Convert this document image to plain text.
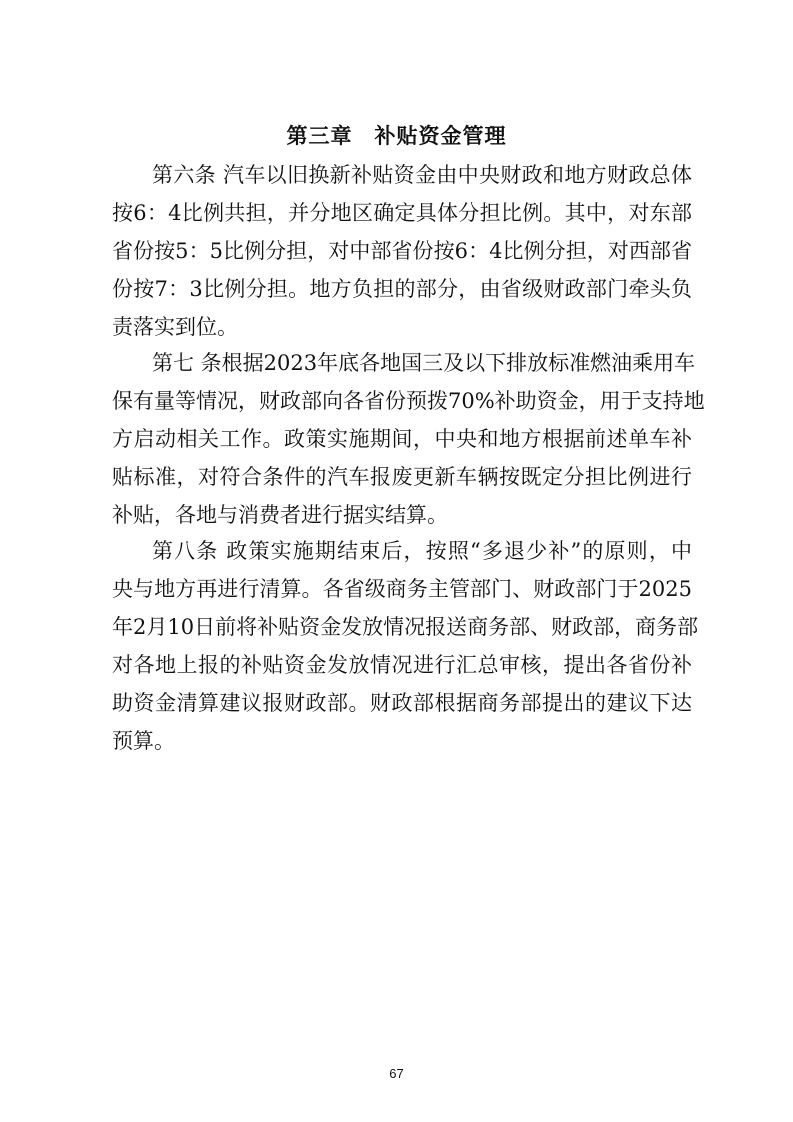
第三章　补贴资金管理
第六条 汽车以旧换新补贴资金由中央财政和地方财政总体
按6：4比例共担，并分地区确定具体分担比例。其中，对东部
省份按5：5比例分担，对中部省份按6：4比例分担，对西部省
份按7：3比例分担。地方负担的部分，由省级财政部门牵头负
责落实到位。
第七 条根据2023年底各地国三及以下排放标准燃油乘用车
保有量等情况，财政部向各省份预拨70%补助资金，用于支持地
方启动相关工作。政策实施期间，中央和地方根据前述单车补
贴标准，对符合条件的汽车报废更新车辆按既定分担比例进行
补贴，各地与消费者进行据实结算。
第八条 政策实施期结束后，按照“多退少补”的原则，中
央与地方再进行清算。各省级商务主管部门、财政部门于2025
年2月10日前将补贴资金发放情况报送商务部、财政部，商务部
对各地上报的补贴资金发放情况进行汇总审核，提出各省份补
助资金清算建议报财政部。财政部根据商务部提出的建议下达
预算。
67
